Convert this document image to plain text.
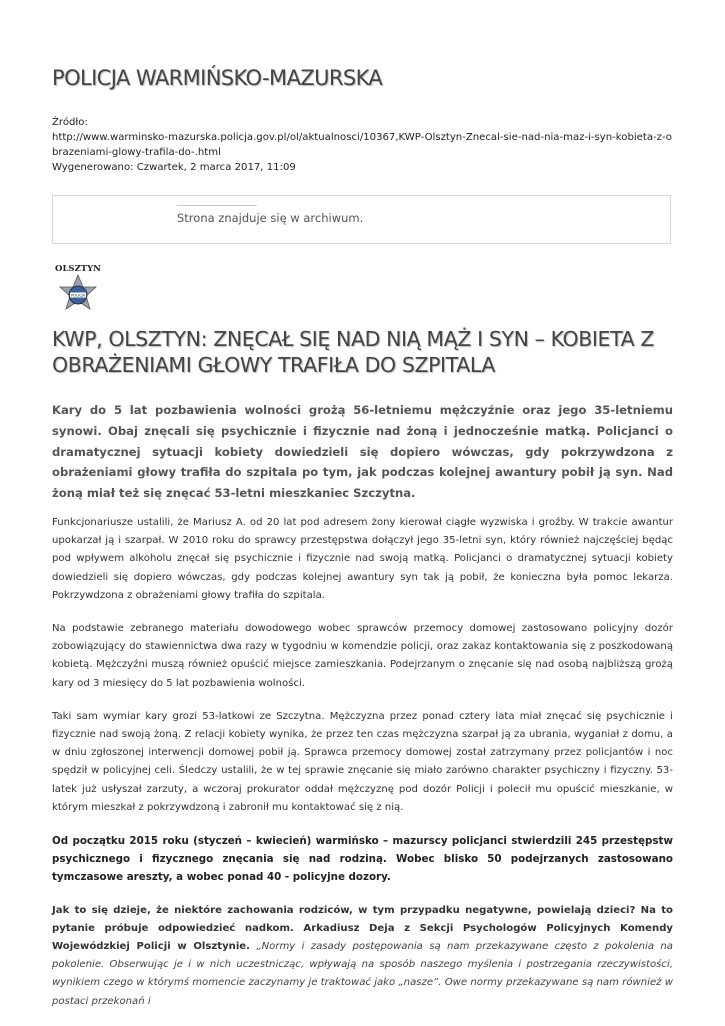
POLICJA WARMIŃSKO-MAZURSKA
Źródło:
http://www.warminsko-mazurska.policja.gov.pl/ol/aktualnosci/10367,KWP-Olsztyn-Znecal-sie-nad-nia-maz-i-syn-kobieta-z-obrazeniami-glowy-trafila-do-.html
Wygenerowano: Czwartek, 2 marca 2017, 11:09
Strona znajduje się w archiwum.
POLICJA
OLSZTYN
KWP, OLSZTYN: ZNĘCAŁ SIĘ NAD NIĄ MĄŻ I SYN – KOBIETA Z OBRAŻENIAMI GŁOWY TRAFIŁA DO SZPITALA

Kary do 5 lat pozbawienia wolności grożą 56-letniemu mężczyźnie oraz jego 35-letniemu synowi. Obaj znęcali się psychicznie i fizycznie nad żoną i jednocześnie matką. Policjanci o dramatycznej sytuacji kobiety dowiedzieli się dopiero wówczas, gdy pokrzywdzona z obrażeniami głowy trafiła do szpitala po tym, jak podczas kolejnej awantury pobił ją syn. Nad żoną miał też się znęcać 53-letni mieszkaniec Szczytna.

Funkcjonariusze ustalili, że Mariusz A. od 20 lat pod adresem żony kierował ciągłe wyzwiska i groźby. W trakcie awantur upokarzał ją i szarpał. W 2010 roku do sprawcy przestępstwa dołączył jego 35-letni syn, który również najczęściej będąc pod wpływem alkoholu znęcał się psychicznie i fizycznie nad swoją matką. Policjanci o dramatycznej sytuacji kobiety dowiedzieli się dopiero wówczas, gdy podczas kolejnej awantury syn tak ją pobił, że konieczna była pomoc lekarza. Pokrzywdzona z obrażeniami głowy trafiła do szpitala.

Na podstawie zebranego materiału dowodowego wobec sprawców przemocy domowej zastosowano policyjny dozór zobowiązujący do stawiennictwa dwa razy w tygodniu w komendzie policji, oraz zakaz kontaktowania się z poszkodowaną kobietą. Mężczyźni muszą również opuścić miejsce zamieszkania. Podejrzanym o znęcanie się nad osobą najbliższą grożą kary od 3 miesięcy do 5 lat pozbawienia wolności.

Taki sam wymiar kary grozi 53-latkowi ze Szczytna. Mężczyzna przez ponad cztery lata miał znęcać się psychicznie i fizycznie nad swoją żoną. Z relacji kobiety wynika, że przez ten czas mężczyzna szarpał ją za ubrania, wyganiał z domu, a w dniu zgłoszonej interwencji domowej pobił ją. Sprawca przemocy domowej został zatrzymany przez policjantów i noc spędził w policyjnej celi. Śledczy ustalili, że w tej sprawie znęcanie się miało zarówno charakter psychiczny i fizyczny. 53-latek już usłyszał zarzuty, a wczoraj prokurator oddał mężczyznę pod dozór Policji i polecił mu opuścić mieszkanie, w którym mieszkał z pokrzywdzoną i zabronił mu kontaktować się z nią.

Od początku 2015 roku (styczeń – kwiecień) warmińsko – mazurscy policjanci stwierdzili 245 przestępstw psychicznego i fizycznego znęcania się nad rodziną. Wobec blisko 50 podejrzanych zastosowano tymczasowe areszty, a wobec ponad 40 - policyjne dozory.

Jak to się dzieje, że niektóre zachowania rodziców, w tym przypadku negatywne, powielają dzieci? Na to pytanie próbuje odpowiedzieć nadkom. Arkadiusz Deja z Sekcji Psychologów Policyjnych Komendy Wojewódzkiej Policji w Olsztynie. „Normy i zasady postępowania są nam przekazywane często z pokolenia na pokolenie. Obserwując je i w nich uczestnicząc, wpływają na sposób naszego myślenia i postrzegania rzeczywistości, wynikiem czego w którymś momencie zaczynamy je traktować jako „nasze”. Owe normy przekazywane są nam również w postaci przekonań i
